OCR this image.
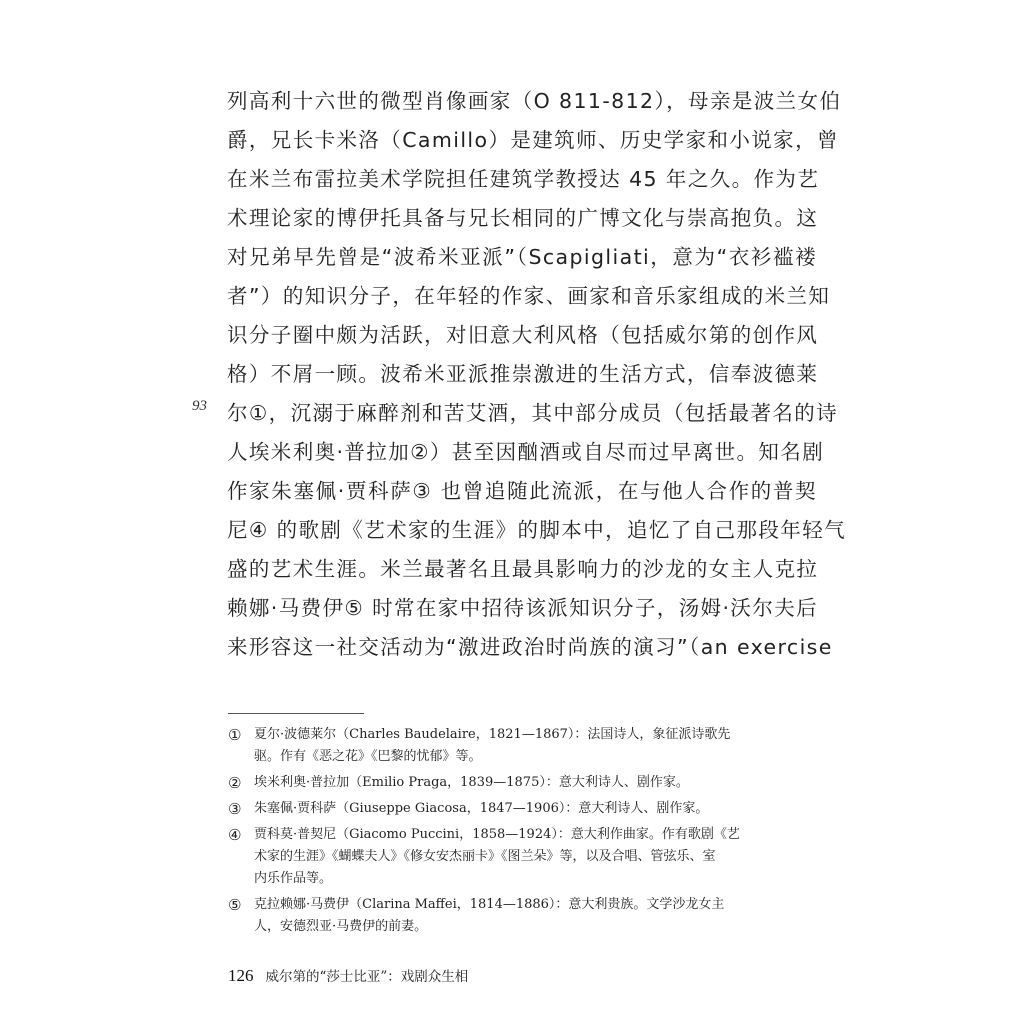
列高利十六世的微型肖像画家（O 811-812），母亲是波兰女伯
爵，兄长卡米洛（Camillo）是建筑师、历史学家和小说家，曾
在米兰布雷拉美术学院担任建筑学教授达 45 年之久。作为艺
术理论家的博伊托具备与兄长相同的广博文化与崇高抱负。这
对兄弟早先曾是“波希米亚派”（Scapigliati，意为“衣衫褴褛
者”）的知识分子，在年轻的作家、画家和音乐家组成的米兰知
识分子圈中颇为活跃，对旧意大利风格（包括威尔第的创作风
格）不屑一顾。波希米亚派推崇激进的生活方式，信奉波德莱
尔①，沉溺于麻醉剂和苦艾酒，其中部分成员（包括最著名的诗
人埃米利奥·普拉加②）甚至因酗酒或自尽而过早离世。知名剧
作家朱塞佩·贾科萨③ 也曾追随此流派，在与他人合作的普契
尼④ 的歌剧《艺术家的生涯》的脚本中，追忆了自己那段年轻气
盛的艺术生涯。米兰最著名且最具影响力的沙龙的女主人克拉
赖娜·马费伊⑤ 时常在家中招待该派知识分子，汤姆·沃尔夫后
来形容这一社交活动为“激进政治时尚族的演习”（an exercise
93
① 夏尔·波德莱尔（Charles Baudelaire，1821—1867）：法国诗人，象征派诗歌先
驱。作有《恶之花》《巴黎的忧郁》等。
② 埃米利奥·普拉加（Emilio Praga，1839—1875）：意大利诗人、剧作家。
③ 朱塞佩·贾科萨（Giuseppe Giacosa，1847—1906）：意大利诗人、剧作家。
④ 贾科莫·普契尼（Giacomo Puccini，1858—1924）：意大利作曲家。作有歌剧《艺
术家的生涯》《蝴蝶夫人》《修女安杰丽卡》《图兰朵》等，以及合唱、管弦乐、室
内乐作品等。
⑤ 克拉赖娜·马费伊（Clarina Maffei，1814—1886）：意大利贵族。文学沙龙女主
人，安德烈亚·马费伊的前妻。
126 威尔第的“莎士比亚”：戏剧众生相
